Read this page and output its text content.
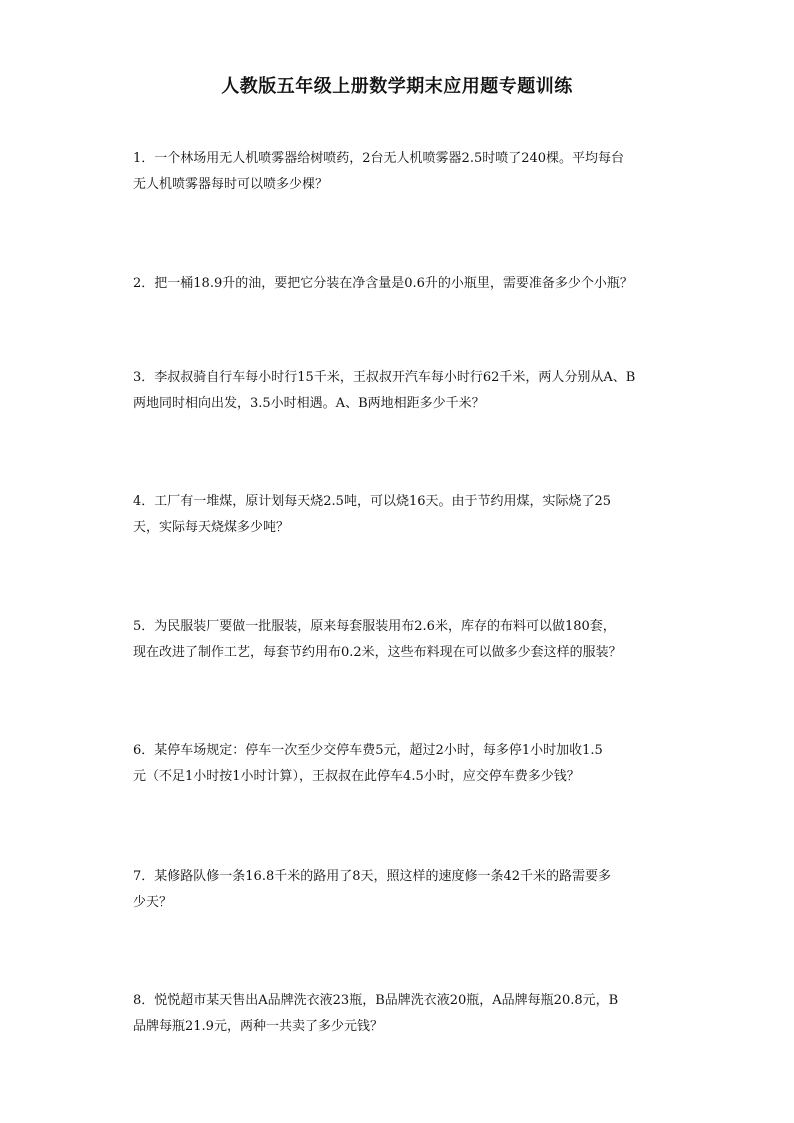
人教版五年级上册数学期末应用题专题训练

1．一个林场用无人机喷雾器给树喷药，2台无人机喷雾器2.5时喷了240棵。平均每台

无人机喷雾器每时可以喷多少棵？

2．把一桶18.9升的油，要把它分装在净含量是0.6升的小瓶里，需要准备多少个小瓶？

3．李叔叔骑自行车每小时行15千米，王叔叔开汽车每小时行62千米，两人分别从A、B

两地同时相向出发，3.5小时相遇。A、B两地相距多少千米？

4．工厂有一堆煤，原计划每天烧2.5吨，可以烧16天。由于节约用煤，实际烧了25

天，实际每天烧煤多少吨？

5．为民服装厂要做一批服装，原来每套服装用布2.6米，库存的布料可以做180套，

现在改进了制作工艺，每套节约用布0.2米，这些布料现在可以做多少套这样的服装？

6．某停车场规定：停车一次至少交停车费5元，超过2小时，每多停1小时加收1.5

元（不足1小时按1小时计算），王叔叔在此停车4.5小时，应交停车费多少钱？

7．某修路队修一条16.8千米的路用了8天，照这样的速度修一条42千米的路需要多

少天？

8．悦悦超市某天售出A品牌洗衣液23瓶，B品牌洗衣液20瓶，A品牌每瓶20.8元，B

品牌每瓶21.9元，两种一共卖了多少元钱？
